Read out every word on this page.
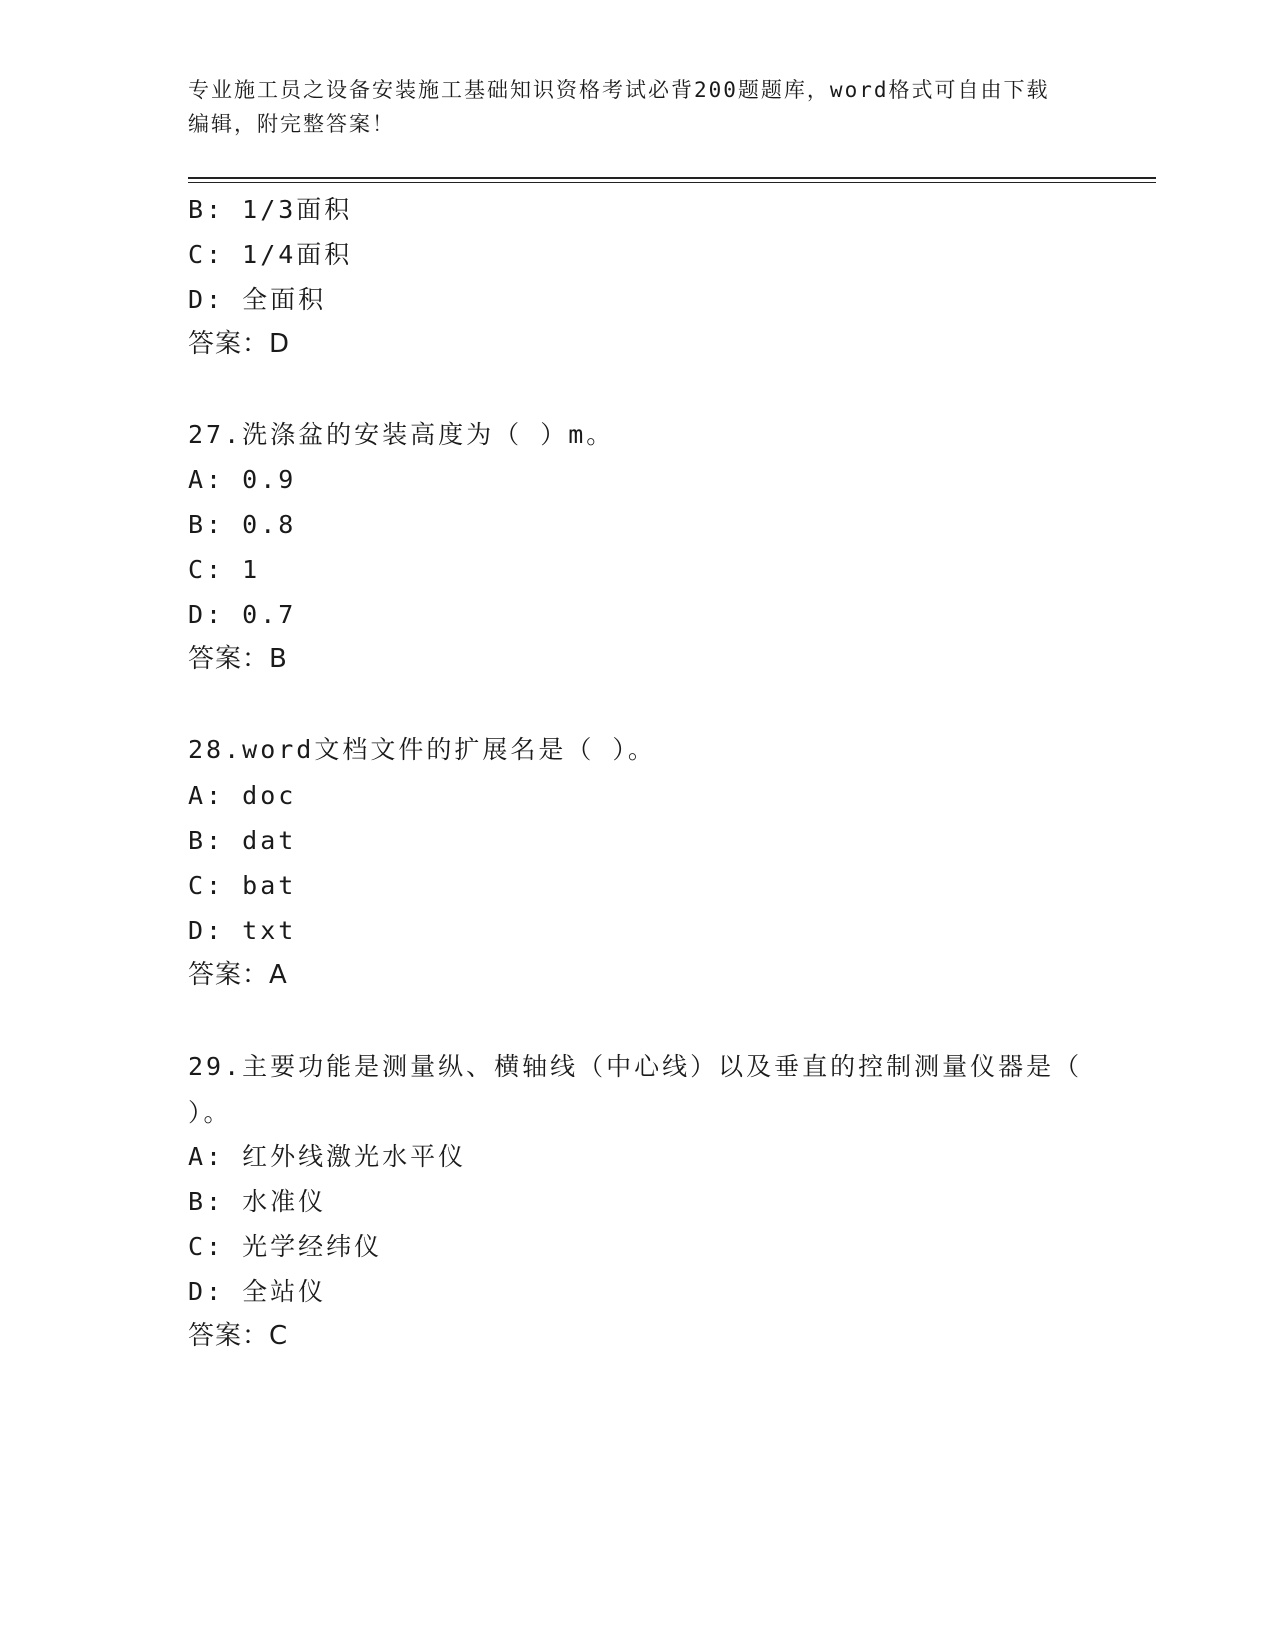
专业施工员之设备安装施工基础知识资格考试必背200题题库，word格式可自由下载编辑，附完整答案！
B: 1/3面积
C: 1/4面积
D: 全面积
答案：D
27.洗涤盆的安装高度为（ ）m。
A: 0.9
B: 0.8
C: 1
D: 0.7
答案：B
28.word文档文件的扩展名是（ ）。
A: doc
B: dat
C: bat
D: txt
答案：A
29.主要功能是测量纵、横轴线（中心线）以及垂直的控制测量仪器是（ ）。
A: 红外线激光水平仪
B: 水准仪
C: 光学经纬仪
D: 全站仪
答案：C
